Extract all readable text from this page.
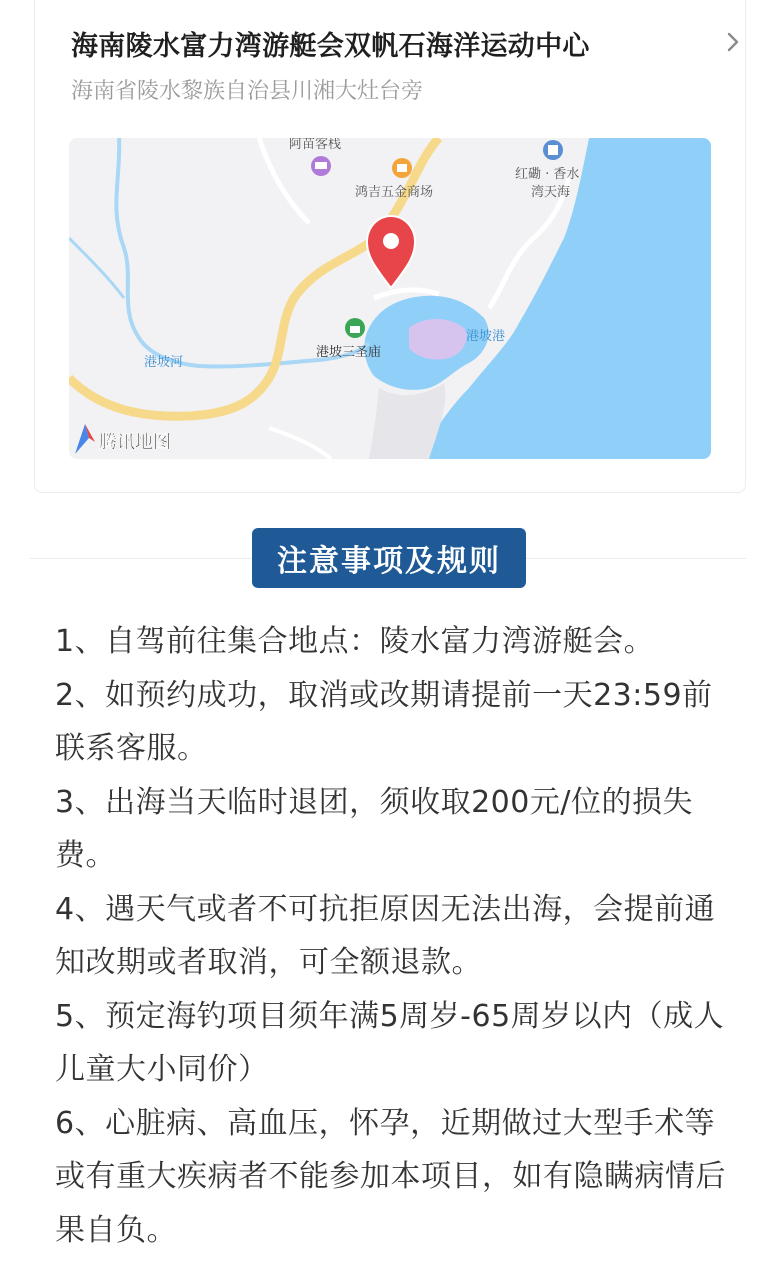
海南陵水富力湾游艇会双帆石海洋运动中心
海南省陵水黎族自治县川湘大灶台旁
阿苗客栈
鸿吉五金商场
红磡 · 香水
湾天海
港坡河
港坡三圣庙
港坡港
腾讯地图
注意事项及规则
1、自驾前往集合地点：陵水富力湾游艇会。
2、如预约成功，取消或改期请提前一天23:59前联系客服。
3、出海当天临时退团，须收取200元/位的损失费。
4、遇天气或者不可抗拒原因无法出海，会提前通知改期或者取消，可全额退款。
5、预定海钓项目须年满5周岁-65周岁以内（成人儿童大小同价）
6、心脏病、高血压，怀孕，近期做过大型手术等或有重大疾病者不能参加本项目，如有隐瞒病情后果自负。
